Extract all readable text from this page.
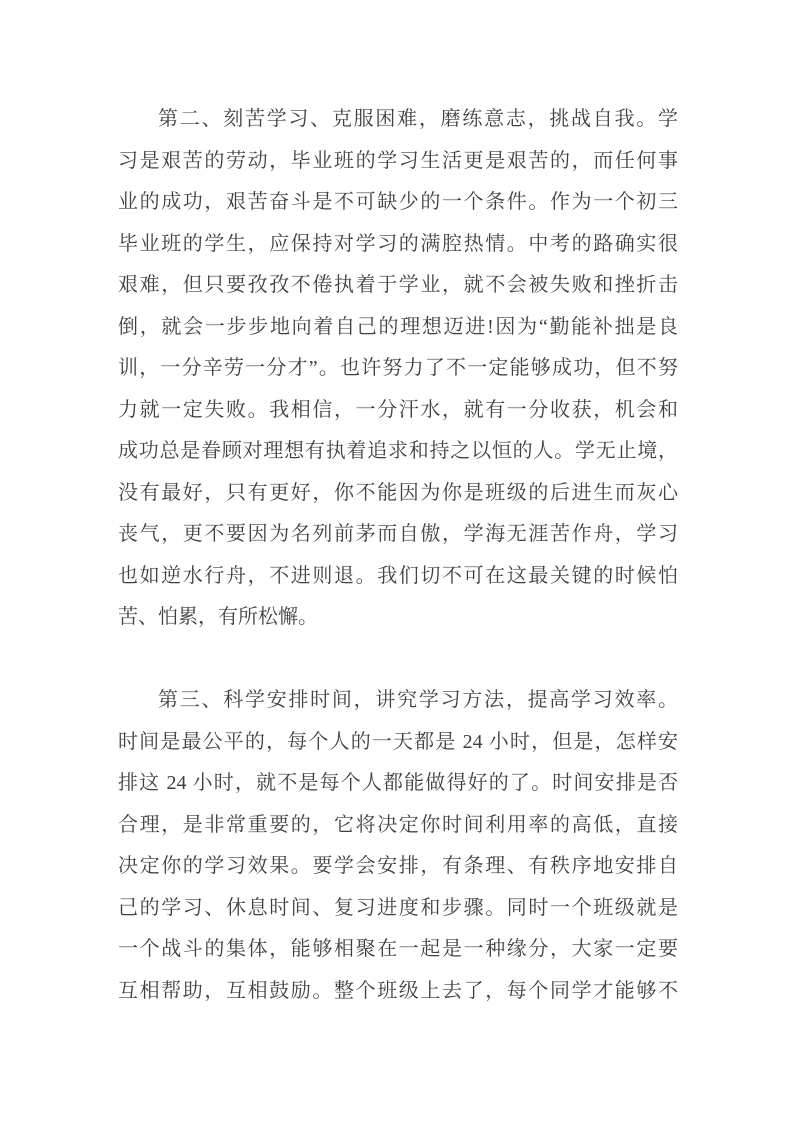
第二、刻苦学习、克服困难，磨练意志，挑战自我。学
习是艰苦的劳动，毕业班的学习生活更是艰苦的，而任何事
业的成功，艰苦奋斗是不可缺少的一个条件。作为一个初三
毕业班的学生，应保持对学习的满腔热情。中考的路确实很
艰难，但只要孜孜不倦执着于学业，就不会被失败和挫折击
倒，就会一步步地向着自己的理想迈进!因为“勤能补拙是良
训，一分辛劳一分才”。也许努力了不一定能够成功，但不努
力就一定失败。我相信，一分汗水，就有一分收获，机会和
成功总是眷顾对理想有执着追求和持之以恒的人。学无止境，
没有最好，只有更好，你不能因为你是班级的后进生而灰心
丧气，更不要因为名列前茅而自傲，学海无涯苦作舟，学习
也如逆水行舟，不进则退。我们切不可在这最关键的时候怕
苦、怕累，有所松懈。
第三、科学安排时间，讲究学习方法，提高学习效率。
时间是最公平的，每个人的一天都是 24 小时，但是，怎样安
排这 24 小时，就不是每个人都能做得好的了。时间安排是否
合理，是非常重要的，它将决定你时间利用率的高低，直接
决定你的学习效果。要学会安排，有条理、有秩序地安排自
己的学习、休息时间、复习进度和步骤。同时一个班级就是
一个战斗的集体，能够相聚在一起是一种缘分，大家一定要
互相帮助，互相鼓励。整个班级上去了，每个同学才能够不
